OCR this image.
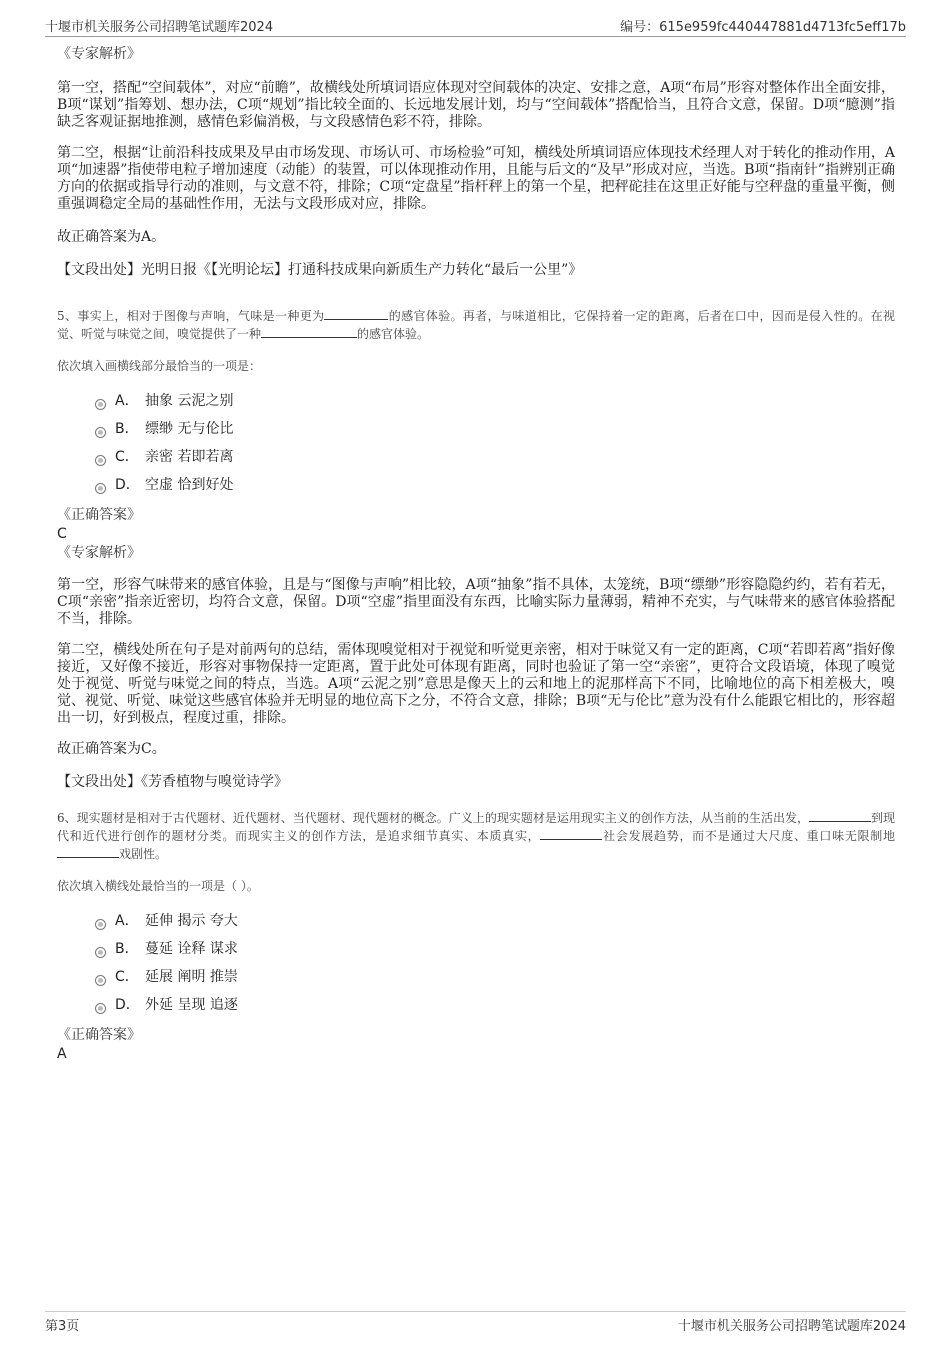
十堰市机关服务公司招聘笔试题库2024	编号：615e959fc440447881d4713fc5eff17b

《专家解析》

第一空，搭配“空间载体”，对应“前瞻”，故横线处所填词语应体现对空间载体的决定、安排之意，A项“布局”形容对整体作出全面安排，B项“谋划”指筹划、想办法，C项“规划”指比较全面的、长远地发展计划，均与“空间载体”搭配恰当，且符合文意，保留。D项“臆测”指缺乏客观证据地推测，感情色彩偏消极，与文段感情色彩不符，排除。

第二空，根据“让前沿科技成果及早由市场发现、市场认可、市场检验”可知，横线处所填词语应体现技术经理人对于转化的推动作用，A项“加速器”指使带电粒子增加速度（动能）的装置，可以体现推动作用，且能与后文的“及早”形成对应，当选。B项“指南针”指辨别正确方向的依据或指导行动的准则，与文意不符，排除；C项“定盘星”指杆秤上的第一个星，把秤砣挂在这里正好能与空秤盘的重量平衡，侧重强调稳定全局的基础性作用，无法与文段形成对应，排除。

故正确答案为A。

【文段出处】光明日报《【光明论坛】打通科技成果向新质生产力转化“最后一公里”》

5、事实上，相对于图像与声响，气味是一种更为	的感官体验。再者，与味道相比，它保持着一定的距离，后者在口中，因而是侵入性的。在视觉、听觉与味觉之间，嗅觉提供了一种	的感官体验。

依次填入画横线部分最恰当的一项是：

A． 抽象 云泥之别
B． 缥缈 无与伦比
C． 亲密 若即若离
D． 空虚 恰到好处

《正确答案》

C

《专家解析》

第一空，形容气味带来的感官体验，且是与“图像与声响”相比较，A项“抽象”指不具体，太笼统，B项“缥缈”形容隐隐约约，若有若无，C项“亲密”指亲近密切，均符合文意，保留。D项“空虚”指里面没有东西，比喻实际力量薄弱，精神不充实，与气味带来的感官体验搭配不当，排除。

第二空，横线处所在句子是对前两句的总结，需体现嗅觉相对于视觉和听觉更亲密，相对于味觉又有一定的距离，C项“若即若离”指好像接近，又好像不接近，形容对事物保持一定距离，置于此处可体现有距离，同时也验证了第一空“亲密”，更符合文段语境，体现了嗅觉处于视觉、听觉与味觉之间的特点，当选。A项“云泥之别”意思是像天上的云和地上的泥那样高下不同，比喻地位的高下相差极大，嗅觉、视觉、听觉、味觉这些感官体验并无明显的地位高下之分，不符合文意，排除；B项“无与伦比”意为没有什么能跟它相比的，形容超出一切，好到极点，程度过重，排除。

故正确答案为C。

【文段出处】《芳香植物与嗅觉诗学》

6、现实题材是相对于古代题材、近代题材、当代题材、现代题材的概念。广义上的现实题材是运用现实主义的创作方法，从当前的生活出发，	到现代和近代进行创作的题材分类。而现实主义的创作方法，是追求细节真实、本质真实，	社会发展趋势，而不是通过大尺度、重口味无限制地戏剧性。

依次填入横线处最恰当的一项是（ ）。

A． 延伸 揭示 夸大
B． 蔓延 诠释 谋求
C． 延展 阐明 推崇
D． 外延 呈现 追逐

《正确答案》

A

第3页	十堰市机关服务公司招聘笔试题库2024
